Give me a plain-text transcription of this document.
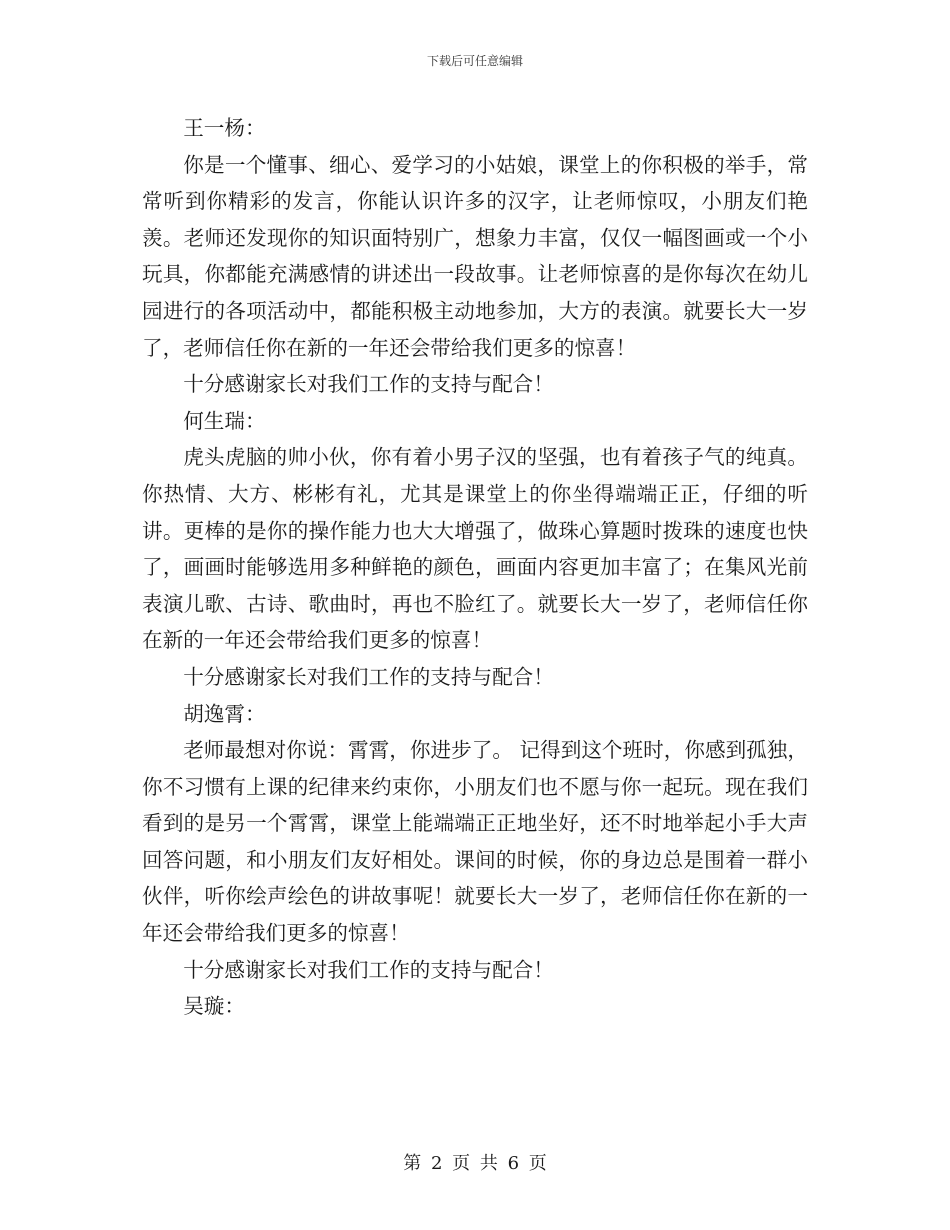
下载后可任意编辑

王一杨：

你是一个懂事、细心、爱学习的小姑娘，课堂上的你积极的举手，常常听到你精彩的发言，你能认识许多的汉字，让老师惊叹，小朋友们艳羡。老师还发现你的知识面特别广，想象力丰富，仅仅一幅图画或一个小玩具，你都能充满感情的讲述出一段故事。让老师惊喜的是你每次在幼儿园进行的各项活动中，都能积极主动地参加，大方的表演。就要长大一岁了，老师信任你在新的一年还会带给我们更多的惊喜！

十分感谢家长对我们工作的支持与配合！

何生瑞：

虎头虎脑的帅小伙，你有着小男子汉的坚强，也有着孩子气的纯真。你热情、大方、彬彬有礼，尤其是课堂上的你坐得端端正正，仔细的听讲。更棒的是你的操作能力也大大增强了，做珠心算题时拨珠的速度也快了，画画时能够选用多种鲜艳的颜色，画面内容更加丰富了；在集风光前表演儿歌、古诗、歌曲时，再也不脸红了。就要长大一岁了，老师信任你在新的一年还会带给我们更多的惊喜！

十分感谢家长对我们工作的支持与配合！

胡逸霄：

老师最想对你说：霄霄，你进步了。 记得到这个班时，你感到孤独，你不习惯有上课的纪律来约束你，小朋友们也不愿与你一起玩。现在我们看到的是另一个霄霄，课堂上能端端正正地坐好，还不时地举起小手大声回答问题，和小朋友们友好相处。课间的时候，你的身边总是围着一群小伙伴，听你绘声绘色的讲故事呢！就要长大一岁了，老师信任你在新的一年还会带给我们更多的惊喜！

十分感谢家长对我们工作的支持与配合！

吴璇：

第 2 页 共 6 页
